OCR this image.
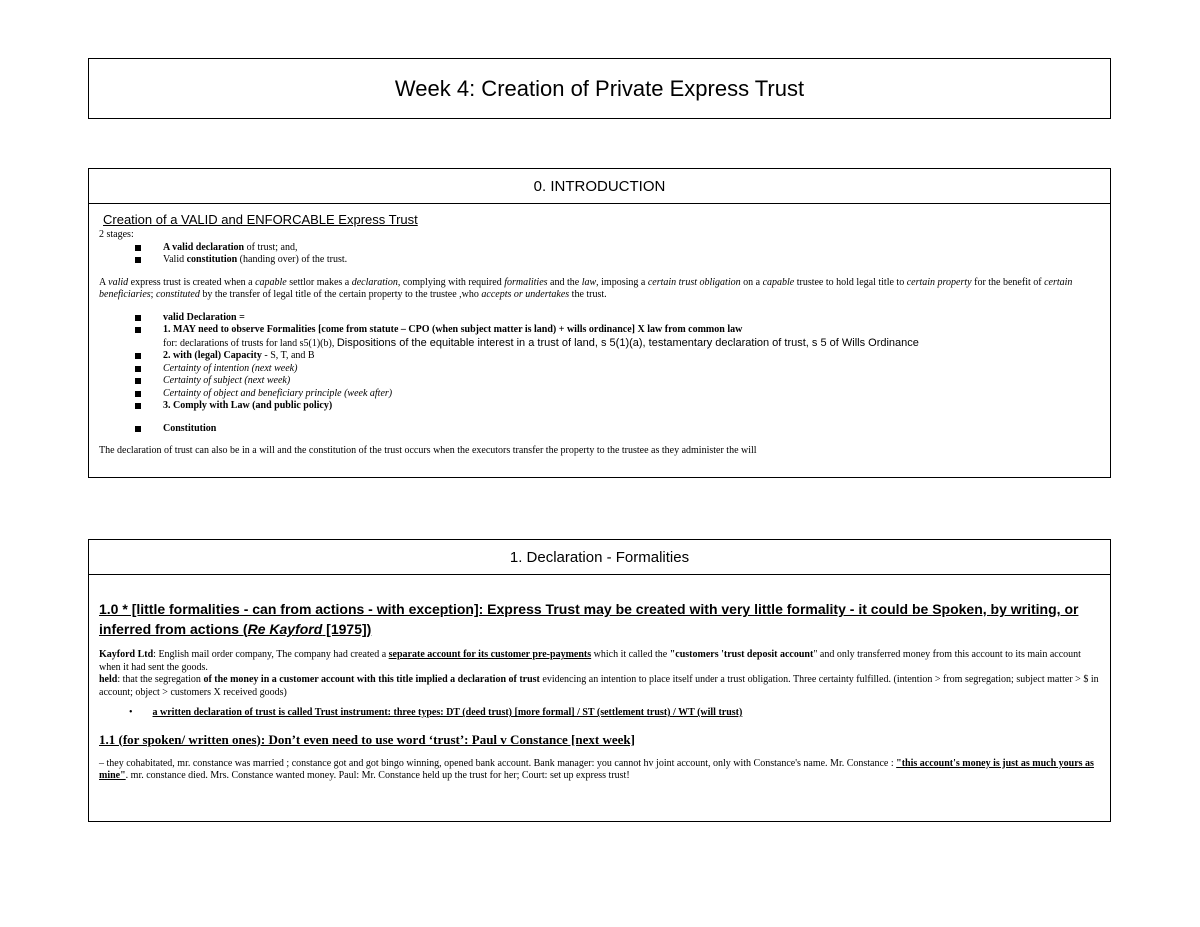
Week 4: Creation of Private Express Trust
0. INTRODUCTION
Creation of a VALID and ENFORCABLE Express Trust
2 stages:
A valid declaration of trust; and,
Valid constitution (handing over) of the trust.

A valid express trust is created when a capable settlor makes a declaration, complying with required formalities and the law, imposing a certain trust obligation on a capable trustee to hold legal title to certain property for the benefit of certain beneficiaries; constituted by the transfer of legal title of the certain property to the trustee ,who accepts or undertakes the trust.

valid Declaration =
1. MAY need to observe Formalities [come from statute – CPO (when subject matter is land) + wills ordinance] X law from common law
for: declarations of trusts for land s5(1)(b), Dispositions of the equitable interest in a trust of land, s 5(1)(a), testamentary declaration of trust, s 5 of Wills Ordinance
2. with (legal) Capacity - S, T, and B
Certainty of intention (next week)
Certainty of subject (next week)
Certainty of object and beneficiary principle (week after)
3. Comply with Law (and public policy)
Constitution

The declaration of trust can also be in a will and the constitution of the trust occurs when the executors transfer the property to the trustee as they administer the will

1. Declaration - Formalities
1.0 * [little formalities - can from actions - with exception]: Express Trust may be created with very little formality - it could be Spoken, by writing, or inferred from actions (Re Kayford [1975])

Kayford Ltd: English mail order company, The company had created a separate account for its customer pre-payments which it called the "customers 'trust deposit account" and only transferred money from this account to its main account when it had sent the goods.
held: that the segregation of the money in a customer account with this title implied a declaration of trust evidencing an intention to place itself under a trust obligation. Three certainty fulfilled. (intention > from segregation; subject matter > $ in account; object > customers X received goods)

•        a written declaration of trust is called Trust instrument: three types: DT (deed trust) [more formal] / ST (settlement trust) / WT (will trust)
1.1 (for spoken/ written ones): Don’t even need to use word ‘trust’: Paul v Constance [next week]

– they cohabitated, mr. constance was married ; constance got and got bingo winning, opened bank account. Bank manager: you cannot hv joint account, only with Constance's name. Mr. Constance : "this account's money is just as much yours as mine". mr. constance died. Mrs. Constance wanted money. Paul: Mr. Constance held up the trust for her; Court: set up express trust!
